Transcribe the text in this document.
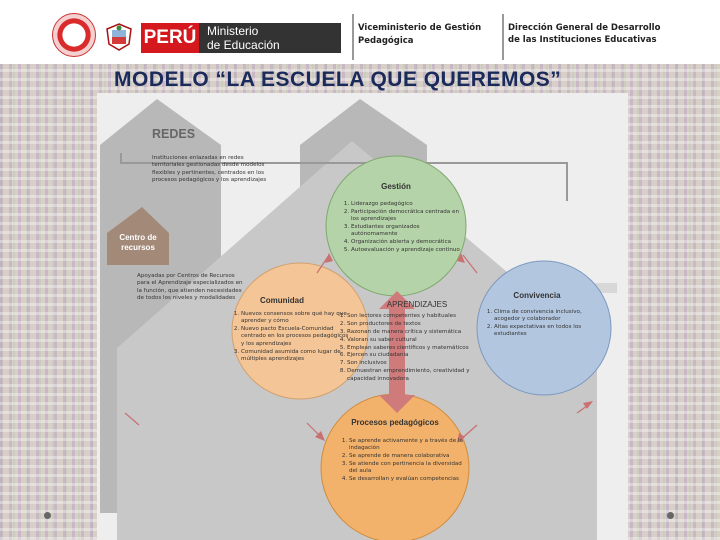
PERÚ Ministerio
de Educación
Viceministerio de Gestión Pedagógica
Dirección General de Desarrollo de las Instituciones Educativas
MODELO “LA ESCUELA QUE QUEREMOS”
REDES
Instituciones enlazadas en redes territoriales gestionadas desde modelos flexibles y pertinentes, centrados en los procesos pedagógicos y los aprendizajes
Centro de recursos
Apoyadas por Centros de Recursos para el Aprendizaje especializados en la función, que atienden necesidades de todos los niveles y modalidades
Gestión
1. Liderazgo pedagógico
2. Participación democrática centrada en los aprendizajes
3. Estudiantes organizados autónomamente
4. Organización abierta y democrática
5. Autoevaluación y aprendizaje continuo
Comunidad
1. Nuevos consensos sobre qué hay que aprender y cómo
2. Nuevo pacto Escuela-Comunidad centrado en los procesos pedagógicos y los aprendizajes
3. Comunidad asumida como lugar de múltiples aprendizajes
APRENDIZAJES
1. Son lectores competentes y habituales
2. Son productores de textos
3. Razonan de manera crítica y sistemática
4. Valoran su saber cultural
5. Emplean saberes científicos y matemáticos
6. Ejercen su ciudadanía
7. Son inclusivos
8. Demuestran emprendimiento, creatividad y capacidad innovadora
Convivencia
1. Clima de convivencia inclusivo, acogedor y colaborador
2. Altas expectativas en todos los estudiantes
Procesos pedagógicos
1. Se aprende activamente y a través de la indagación
2. Se aprende de manera colaborativa
3. Se atiende con pertinencia la diversidad del aula
4. Se desarrollan y evalúan competencias
